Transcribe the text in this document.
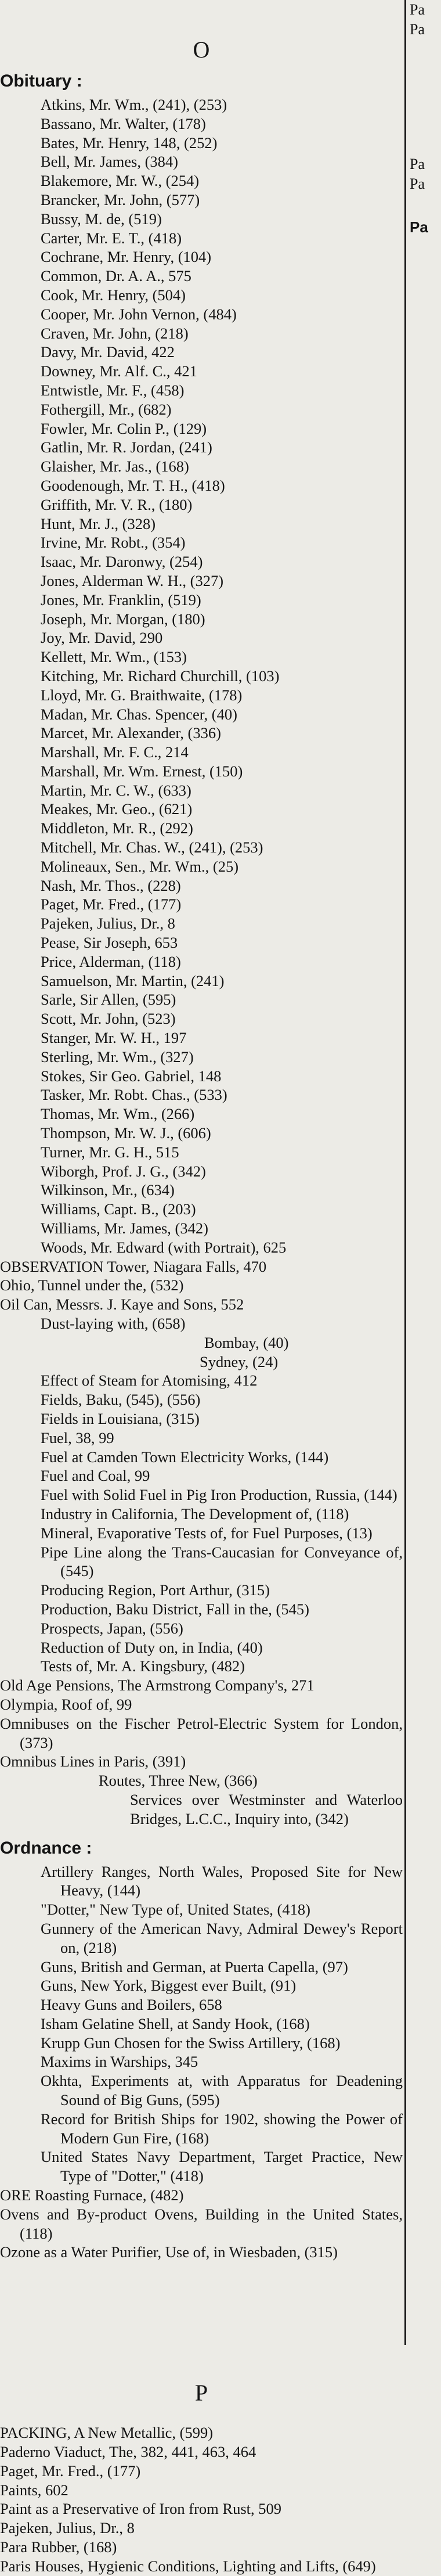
O
Obituary :
Atkins, Mr. Wm., (241), (253)
Bassano, Mr. Walter, (178)
Bates, Mr. Henry, 148, (252)
Bell, Mr. James, (384)
Blakemore, Mr. W., (254)
Brancker, Mr. John, (577)
Bussy, M. de, (519)
Carter, Mr. E. T., (418)
Cochrane, Mr. Henry, (104)
Common, Dr. A. A., 575
Cook, Mr. Henry, (504)
Cooper, Mr. John Vernon, (484)
Craven, Mr. John, (218)
Davy, Mr. David, 422
Downey, Mr. Alf. C., 421
Entwistle, Mr. F., (458)
Fothergill, Mr., (682)
Fowler, Mr. Colin P., (129)
Gatlin, Mr. R. Jordan, (241)
Glaisher, Mr. Jas., (168)
Goodenough, Mr. T. H., (418)
Griffith, Mr. V. R., (180)
Hunt, Mr. J., (328)
Irvine, Mr. Robt., (354)
Isaac, Mr. Daronwy, (254)
Jones, Alderman W. H., (327)
Jones, Mr. Franklin, (519)
Joseph, Mr. Morgan, (180)
Joy, Mr. David, 290
Kellett, Mr. Wm., (153)
Kitching, Mr. Richard Churchill, (103)
Lloyd, Mr. G. Braithwaite, (178)
Madan, Mr. Chas. Spencer, (40)
Marcet, Mr. Alexander, (336)
Marshall, Mr. F. C., 214
Marshall, Mr. Wm. Ernest, (150)
Martin, Mr. C. W., (633)
Meakes, Mr. Geo., (621)
Middleton, Mr. R., (292)
Mitchell, Mr. Chas. W., (241), (253)
Molineaux, Sen., Mr. Wm., (25)
Nash, Mr. Thos., (228)
Paget, Mr. Fred., (177)
Pajeken, Julius, Dr., 8
Pease, Sir Joseph, 653
Price, Alderman, (118)
Samuelson, Mr. Martin, (241)
Sarle, Sir Allen, (595)
Scott, Mr. John, (523)
Stanger, Mr. W. H., 197
Sterling, Mr. Wm., (327)
Stokes, Sir Geo. Gabriel, 148
Tasker, Mr. Robt. Chas., (533)
Thomas, Mr. Wm., (266)
Thompson, Mr. W. J., (606)
Turner, Mr. G. H., 515
Wiborgh, Prof. J. G., (342)
Wilkinson, Mr., (634)
Williams, Capt. B., (203)
Williams, Mr. James, (342)
Woods, Mr. Edward (with Portrait), 625
OBSERVATION Tower, Niagara Falls, 470
Ohio, Tunnel under the, (532)
Oil Can, Messrs. J. Kaye and Sons, 552
Dust-laying with, (658)
Bombay, (40)
Sydney, (24)
Effect of Steam for Atomising, 412
Fields, Baku, (545), (556)
Fields in Louisiana, (315)
Fuel, 38, 99
Fuel at Camden Town Electricity Works, (144)
Fuel and Coal, 99
Fuel with Solid Fuel in Pig Iron Production, Russia, (144)
Industry in California, The Development of, (118)
Mineral, Evaporative Tests of, for Fuel Purposes, (13)
Pipe Line along the Trans-Caucasian for Conveyance of, (545)
Producing Region, Port Arthur, (315)
Production, Baku District, Fall in the, (545)
Prospects, Japan, (556)
Reduction of Duty on, in India, (40)
Tests of, Mr. A. Kingsbury, (482)
Old Age Pensions, The Armstrong Company's, 271
Olympia, Roof of, 99
Omnibuses on the Fischer Petrol-Electric System for London, (373)
Omnibus Lines in Paris, (391)
Routes, Three New, (366)
Services over Westminster and Waterloo Bridges, L.C.C., Inquiry into, (342)
Ordnance :
Artillery Ranges, North Wales, Proposed Site for New Heavy, (144)
"Dotter," New Type of, United States, (418)
Gunnery of the American Navy, Admiral Dewey's Report on, (218)
Guns, British and German, at Puerta Capella, (97)
Guns, New York, Biggest ever Built, (91)
Heavy Guns and Boilers, 658
Isham Gelatine Shell, at Sandy Hook, (168)
Krupp Gun Chosen for the Swiss Artillery, (168)
Maxims in Warships, 345
Okhta, Experiments at, with Apparatus for Deadening Sound of Big Guns, (595)
Record for British Ships for 1902, showing the Power of Modern Gun Fire, (168)
United States Navy Department, Target Practice, New Type of "Dotter," (418)
ORE Roasting Furnace, (482)
Ovens and By-product Ovens, Building in the United States, (118)
Ozone as a Water Purifier, Use of, in Wiesbaden, (315)
P
PACKING, A New Metallic, (599)
Paderno Viaduct, The, 382, 441, 463, 464
Paget, Mr. Fred., (177)
Paints, 602
Paint as a Preservative of Iron from Rust, 509
Pajeken, Julius, Dr., 8
Para Rubber, (168)
Paris Houses, Hygienic Conditions, Lighting and Lifts, (649)
Pa
Pa
Pa
Pa
Pa
